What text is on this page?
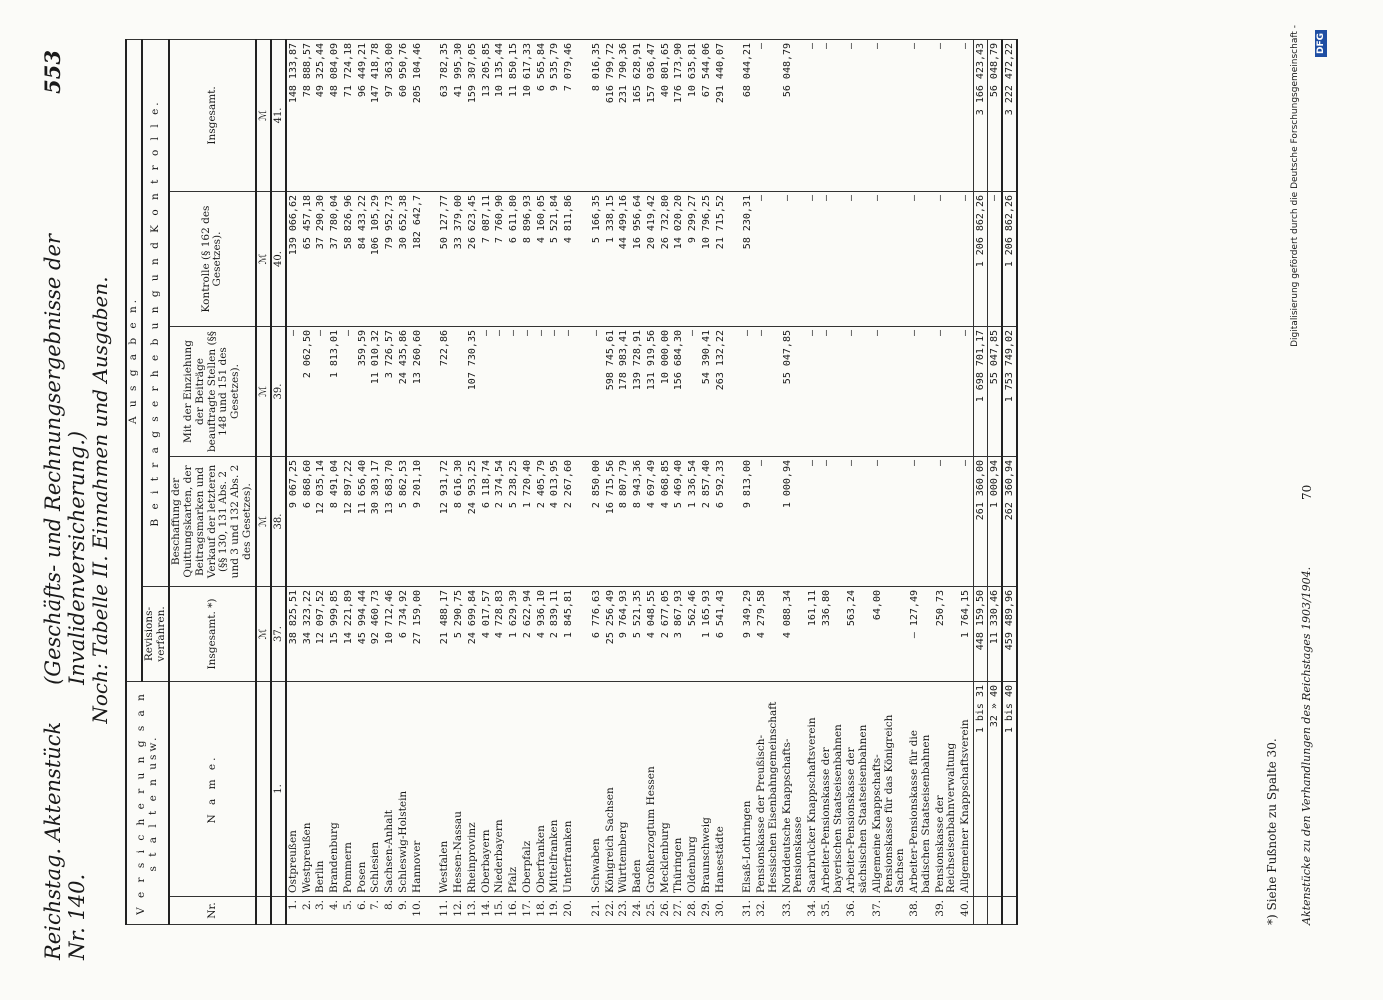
Reichstag. Aktenstück Nr. 140.
(Geschäfts- und Rechnungsergebnisse der Invalidenversicherung.)
553
Noch: Tabelle II. Einnahmen und Ausgaben.
V e r s i c h e r u n g s a n s t a l t e n usw.		A u s g a b e n.				
		Revisions-verfahren.	B e i t r a g s e r h e b u n g u n d K o n t r o l l e.			
Nr.	N a m e.	Insgesamt. *)	Beschaffung der Quittungskarten, der Beitragsmarken und Verkauf der letzteren (§§ 130, 131 Abs. 2 und 3 und 132 Abs. 2 des Gesetzes).	Mit der Einziehung der Beiträge beauftragte Stellen (§§ 148 und 151 des Gesetzes).	Kontrolle (§ 162 des Gesetzes).	Insgesamt.
		ℳ	ℳ	ℳ	ℳ	ℳ
	1.	37.	38.	39.	40.	41.
1.	Ostpreußen	38 825,51	9 067,25	—	139 066,62	148 133,87
2.	Westpreußen	34 323,22	6 868,60	2 062,50	65 457,18	78 888,57
3.	Berlin	12 097,52	12 035,14	—	37 290,30	49 325,44
4.	Brandenburg	15 999,85	8 491,04	1 813,01	37 780,04	48 084,09
5.	Pommern	14 221,89	12 897,22	—	58 826,96	71 724,18
6.	Posen	45 994,44	11 656,40	359,59	84 433,22	96 449,21
7.	Schlesien	92 460,73	30 303,17	11 010,32	106 105,29	147 418,78
8.	Sachsen-Anhalt	10 712,46	13 683,70	3 726,57	79 952,73	97 363,00
9.	Schleswig-Holstein	6 734,92	5 862,53	24 435,86	30 652,38	60 950,76
10.	Hannover	27 159,00	9 201,10	13 260,60	182 642,7	205 104,46

11.	Westfalen	21 488,17	12 931,72	722,86	50 127,77	63 782,35
12.	Hessen-Nassau	5 290,75	8 616,30		33 379,00	41 995,30
13.	Rheinprovinz	24 699,84	24 953,25	107 730,35	26 623,45	159 307,05
14.	Oberbayern	4 017,57	6 118,74	—	7 087,11	13 205,85
15.	Niederbayern	4 728,83	2 374,54	—	7 760,90	10 135,44
16.	Pfalz	1 629,39	5 238,25	—	6 611,80	11 850,15
17.	Oberpfalz	2 622,94	1 720,40	—	8 896,93	10 617,33
18.	Oberfranken	4 936,10	2 405,79	—	4 160,05	6 565,84
19.	Mittelfranken	2 839,11	4 013,95	—	5 521,84	9 535,79
20.	Unterfranken	1 845,81	2 267,60	—	4 811,86	7 079,46

21.	Schwaben	6 776,63	2 850,00	—	5 166,35	8 016,35
22.	Königreich Sachsen	25 256,49	16 715,56	598 745,61	1 338,15	616 799,72
23.	Württemberg	9 764,93	8 807,79	178 983,41	44 499,16	231 790,36
24.	Baden	5 521,35	8 943,36	139 728,91	16 956,64	165 628,91
25.	Großherzogtum Hessen	4 048,55	4 697,49	131 919,56	20 419,42	157 036,47
26.	Mecklenburg	2 677,05	4 068,85	10 000,00	26 732,80	40 801,65
27.	Thüringen	3 867,93	5 469,40	156 684,30	14 020,20	176 173,90
28.	Oldenburg	562,46	1 336,54	—	9 299,27	10 635,81
29.	Braunschweig	1 165,93	2 857,40	54 390,41	10 796,25	67 544,06
30.	Hansestädte	6 541,43	6 592,33	263 132,22	21 715,52	291 440,07

31.	Elsaß-Lothringen	9 349,29	9 813,00	—	58 230,31	68 044,21
32.	Pensionskasse der Preußisch-Hessischen Eisenbahngemeinschaft	4 279,58	—	—	—	—
33.	Norddeutsche Knappschafts-Pensionskasse	4 088,34	1 000,94	55 047,85	—	56 048,79
34.	Saarbrücker Knappschaftsverein	161,11	—	—	—	—
35.	Arbeiter-Pensionskasse der bayerischen Staatseisenbahnen	336,80	—	—	—	—
36.	Arbeiter-Pensionskasse der sächsischen Staatseisenbahnen	563,24	—	—	—	—
37.	Allgemeine Knappschafts-Pensionskasse für das Königreich Sachsen	64,00	—	—	—	—
38.	Arbeiter-Pensionskasse für die badischen Staatseisenbahnen	— 127,49	—	—	—	—
39.	Pensionskasse der Reichseisenbahnverwaltung	250,73	—	—	—	—
40.	Allgemeiner Knappschaftsverein	1 764,15	—	—	—	—
	1 bis 31	448 159,50	261 360,00	1 698 701,17	1 206 862,26	3 166 423,43
	32 » 40	11 330,46	1 000,94	55 047,85	—	56 048,79
	1 bis 40	459 489,96	262 360,94	1 753 749,02	1 206 862,26	3 222 472,22
*) Siehe Fußnote zu Spalte 30. Aktenstücke zu den Verhandlungen des Reichstages 1903/1904.
70
Digitalisierung gefördert durch die Deutsche Forschungsgemeinschaft - DFG
